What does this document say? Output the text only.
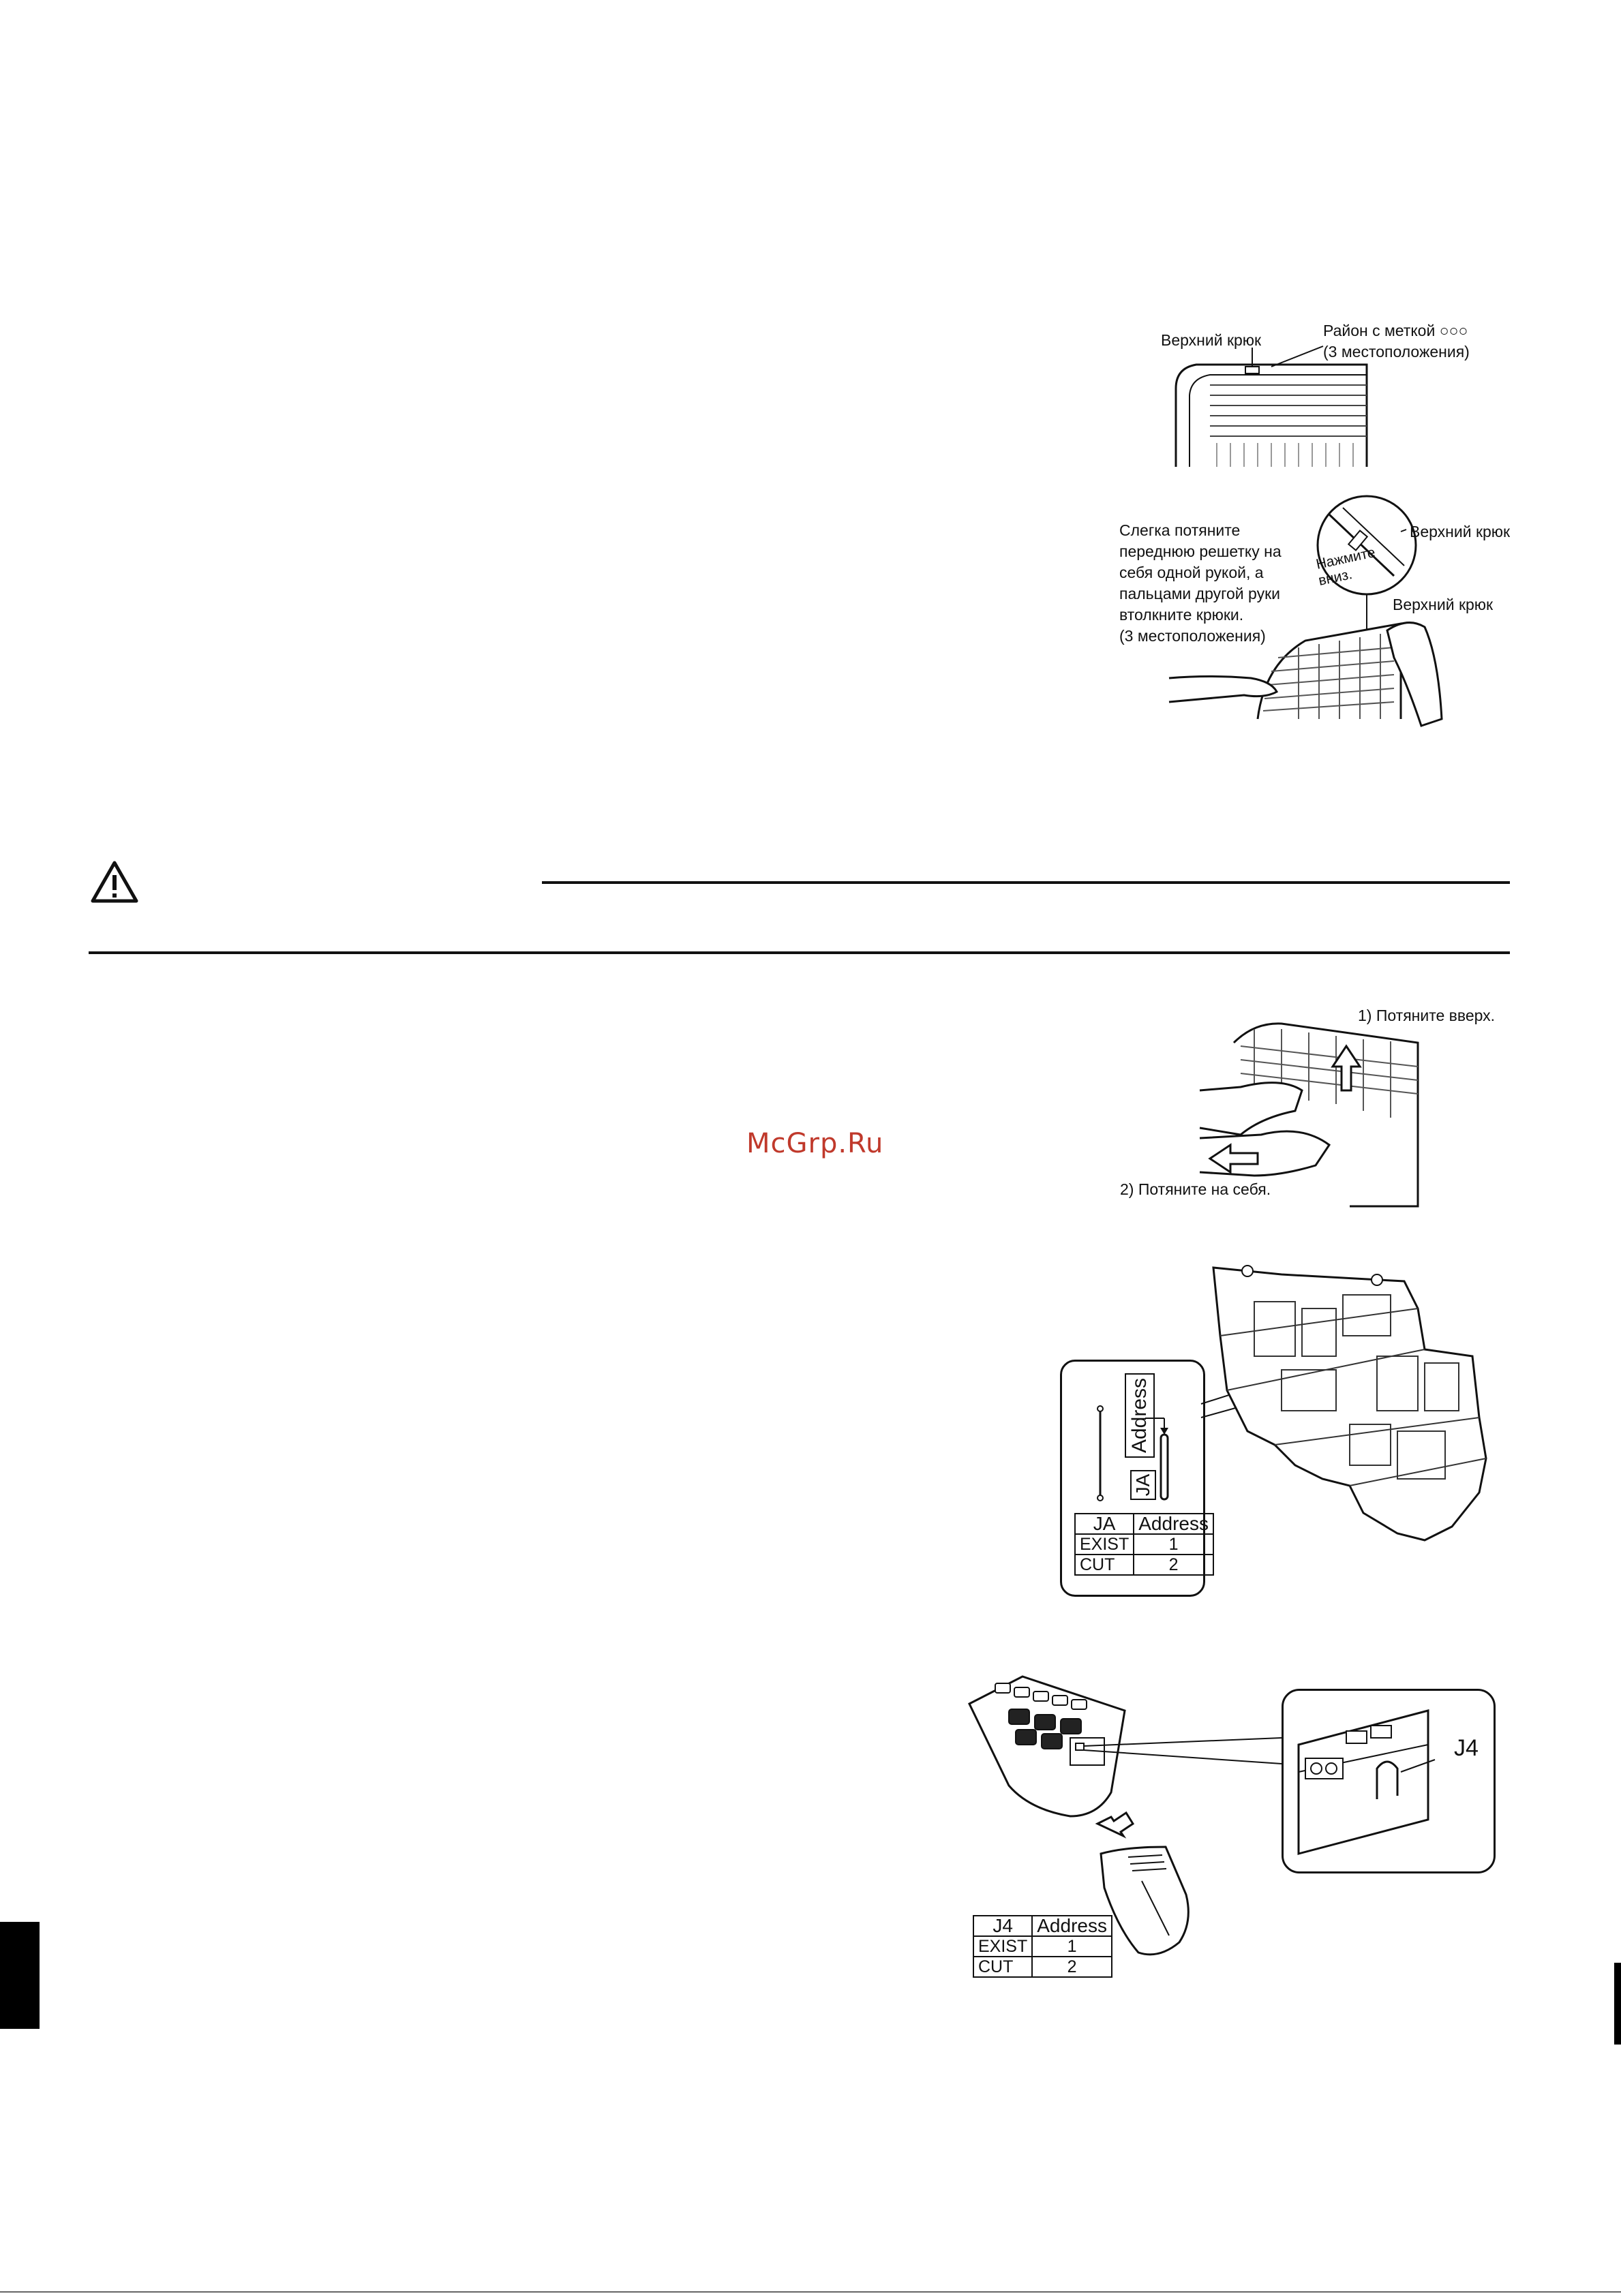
Верхний крюк
Район с меткой ○○○
(3 местоположения)
Слегка потяните
переднюю решетку на
себя одной рукой, а
пальцами другой руки
втолкните крюки.
(3 местоположения)
Нажмите
вниз.
Верхний крюк
Верхний крюк
1) Потяните вверх.
2) Потяните на себя.
McGrp.Ru
Address
JA
JA	Address
EXIST	1
CUT	2
J4
J4	Address
EXIST	1
CUT	2
